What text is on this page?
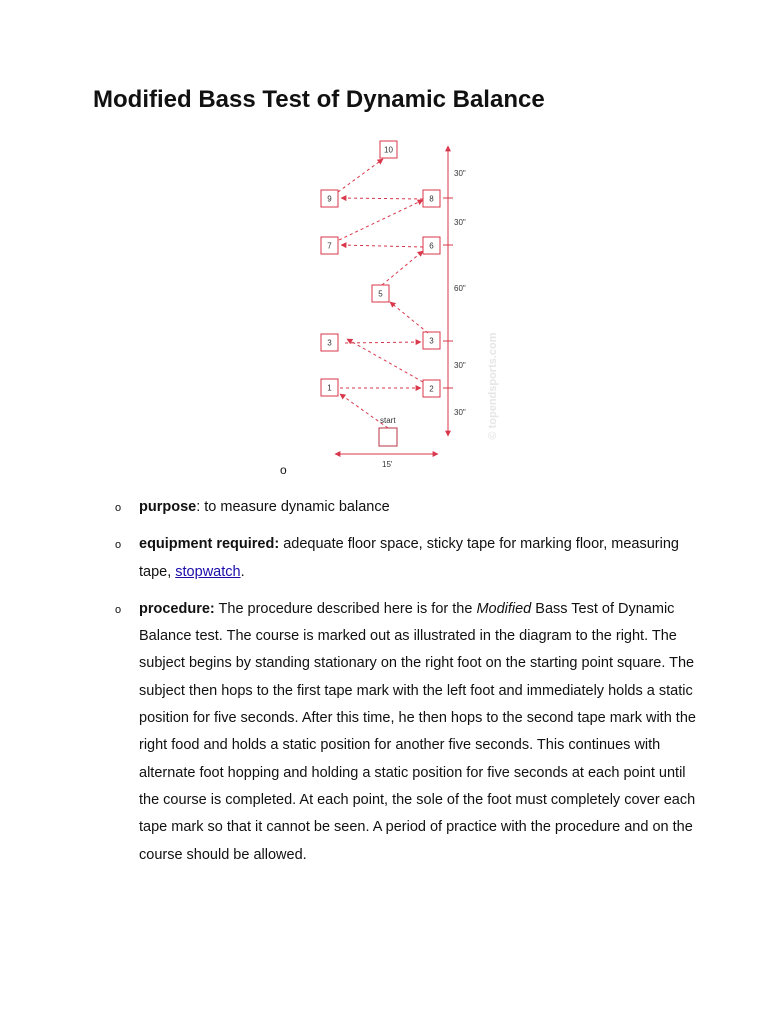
Modified Bass Test of Dynamic Balance
10
9	8
7	6
5
3	3
1	2
start
30"
30"
60"
30"
30"
15'
© topendsports.com
o
o purpose: to measure dynamic balance
o equipment required: adequate floor space, sticky tape for marking floor, measuring tape, stopwatch.
o procedure: The procedure described here is for the Modified Bass Test of Dynamic Balance test. The course is marked out as illustrated in the diagram to the right. The subject begins by standing stationary on the right foot on the starting point square. The subject then hops to the first tape mark with the left foot and immediately holds a static position for five seconds. After this time, he then hops to the second tape mark with the right food and holds a static position for another five seconds. This continues with alternate foot hopping and holding a static position for five seconds at each point until the course is completed. At each point, the sole of the foot must completely cover each tape mark so that it cannot be seen. A period of practice with the procedure and on the course should be allowed.
